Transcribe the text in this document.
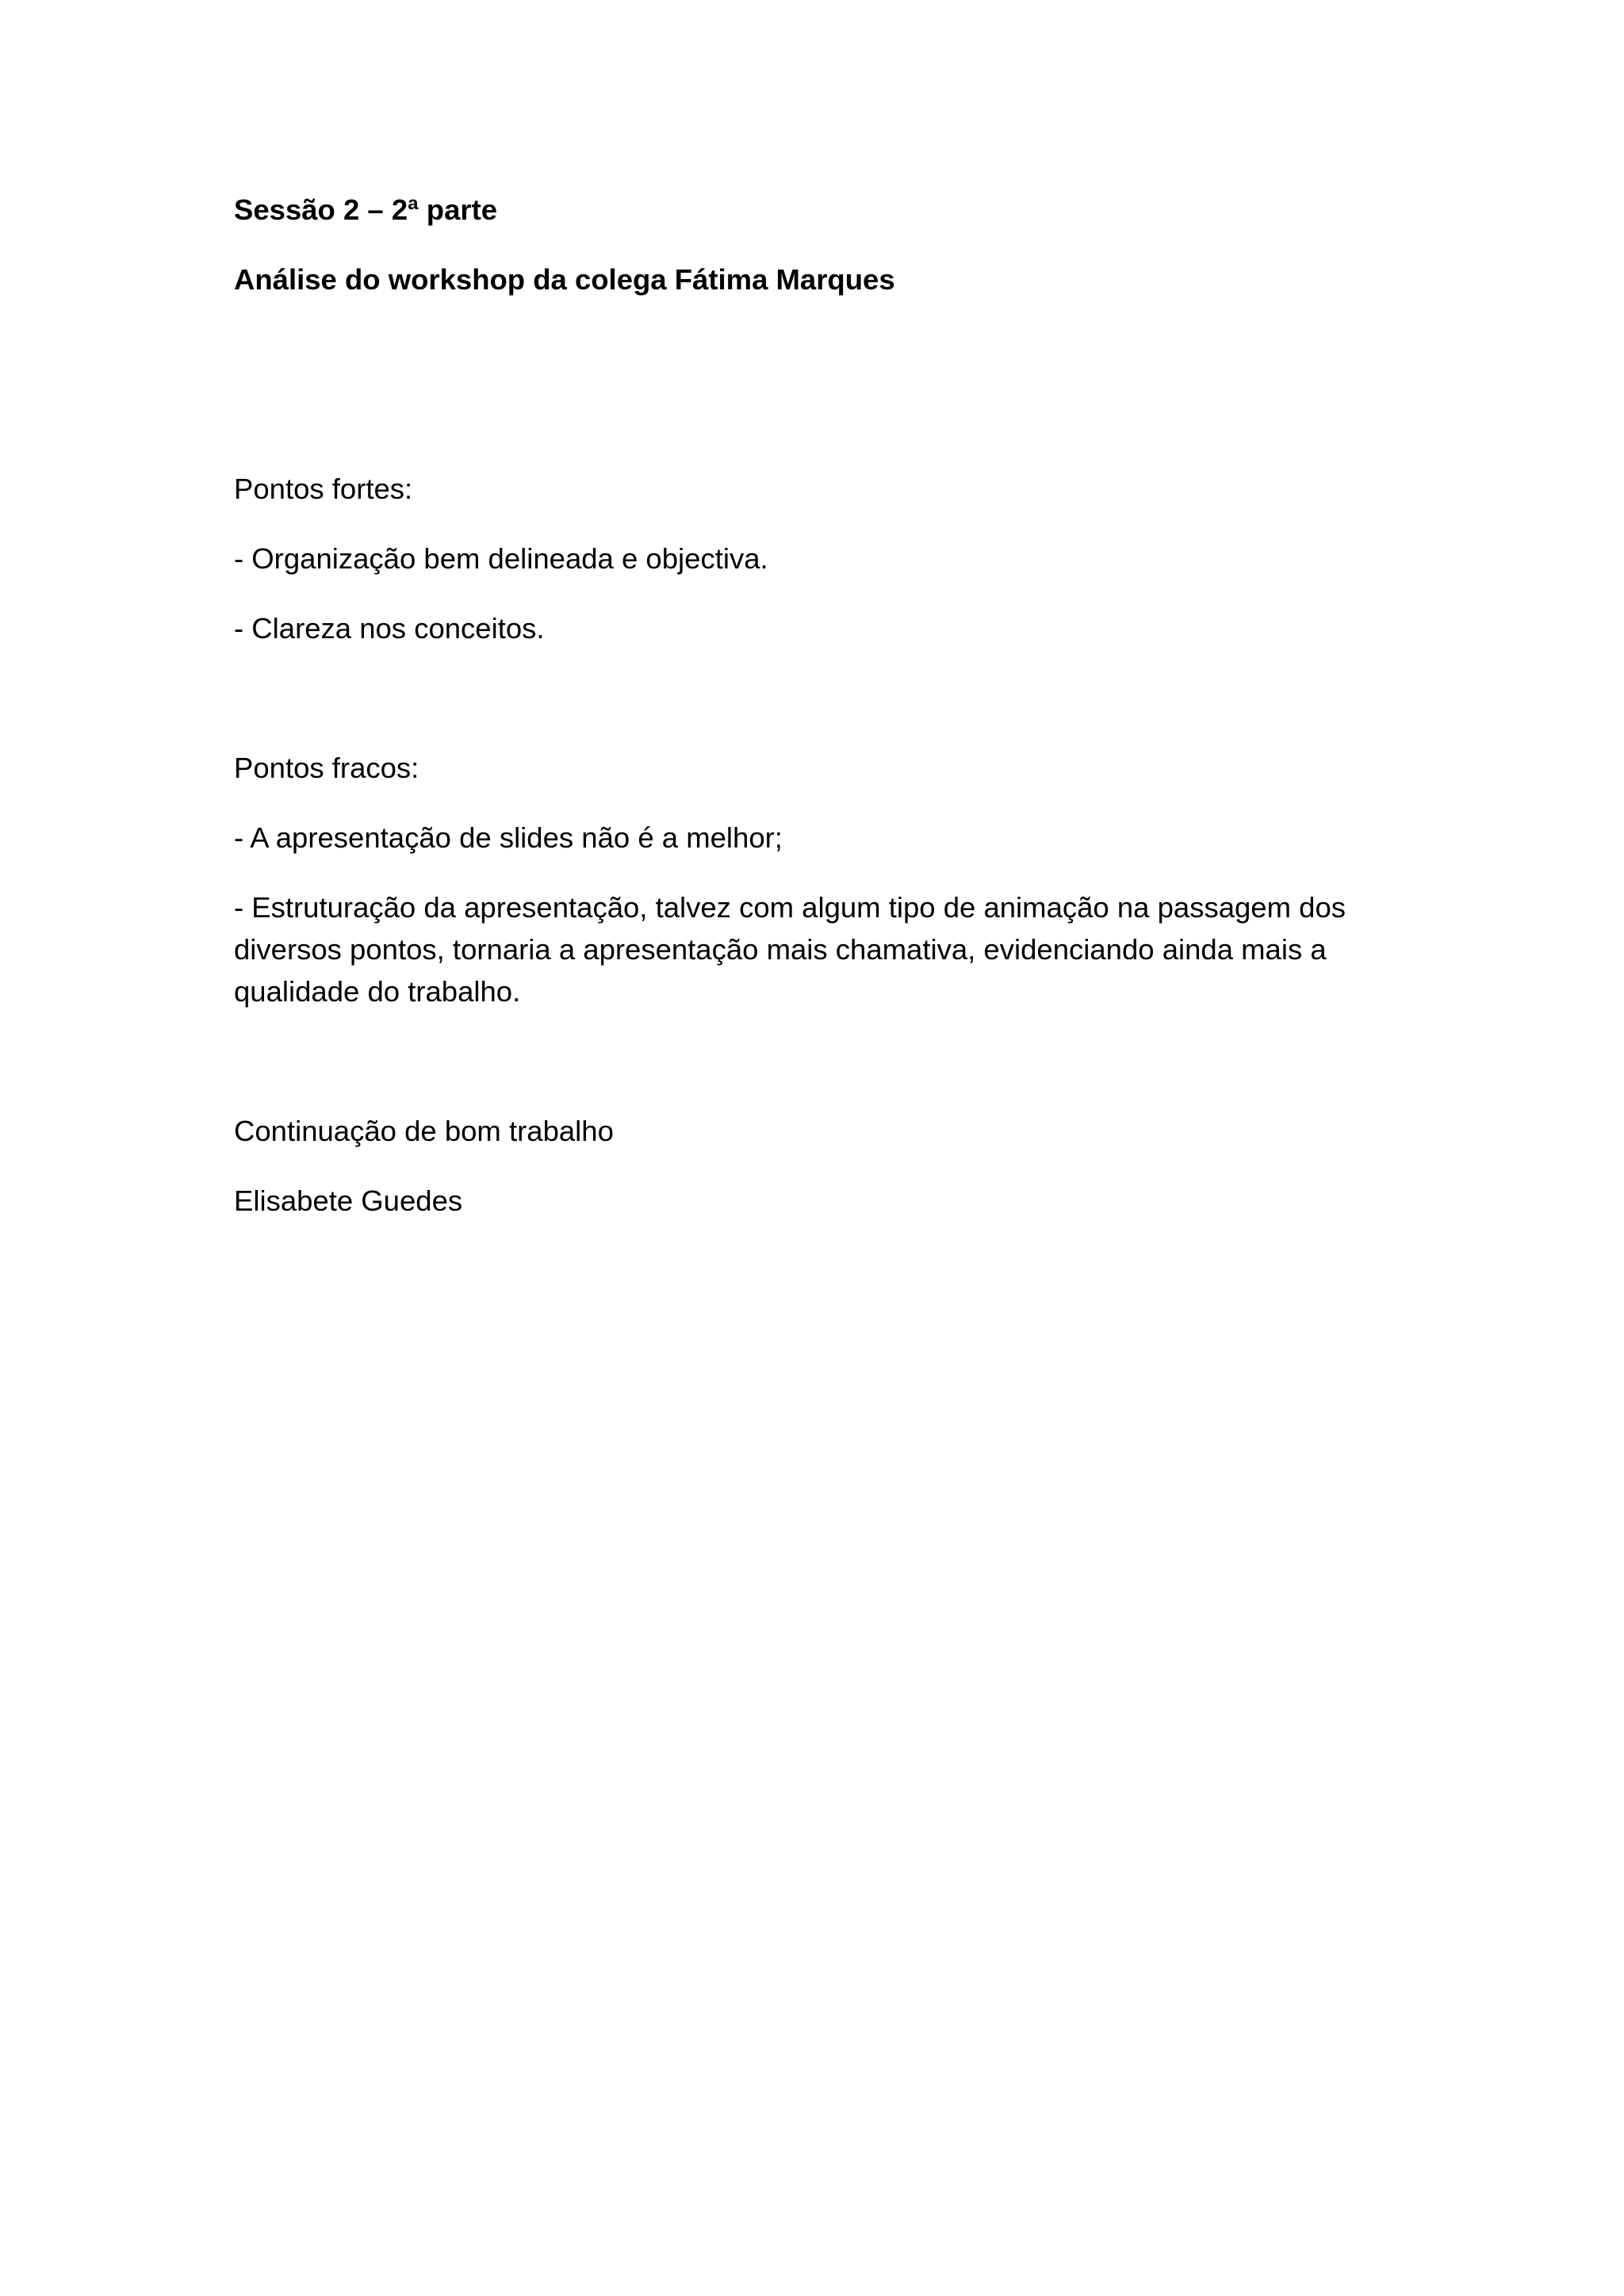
Sessão 2 – 2ª parte

Análise do workshop da colega Fátima Marques

Pontos fortes:

- Organização bem delineada e objectiva.

- Clareza nos conceitos.

Pontos fracos:

- A apresentação de slides não é a melhor;

- Estruturação da apresentação, talvez com algum tipo de animação na passagem dos diversos pontos, tornaria a apresentação mais chamativa, evidenciando ainda mais a qualidade do trabalho.

Continuação de bom trabalho

Elisabete Guedes
